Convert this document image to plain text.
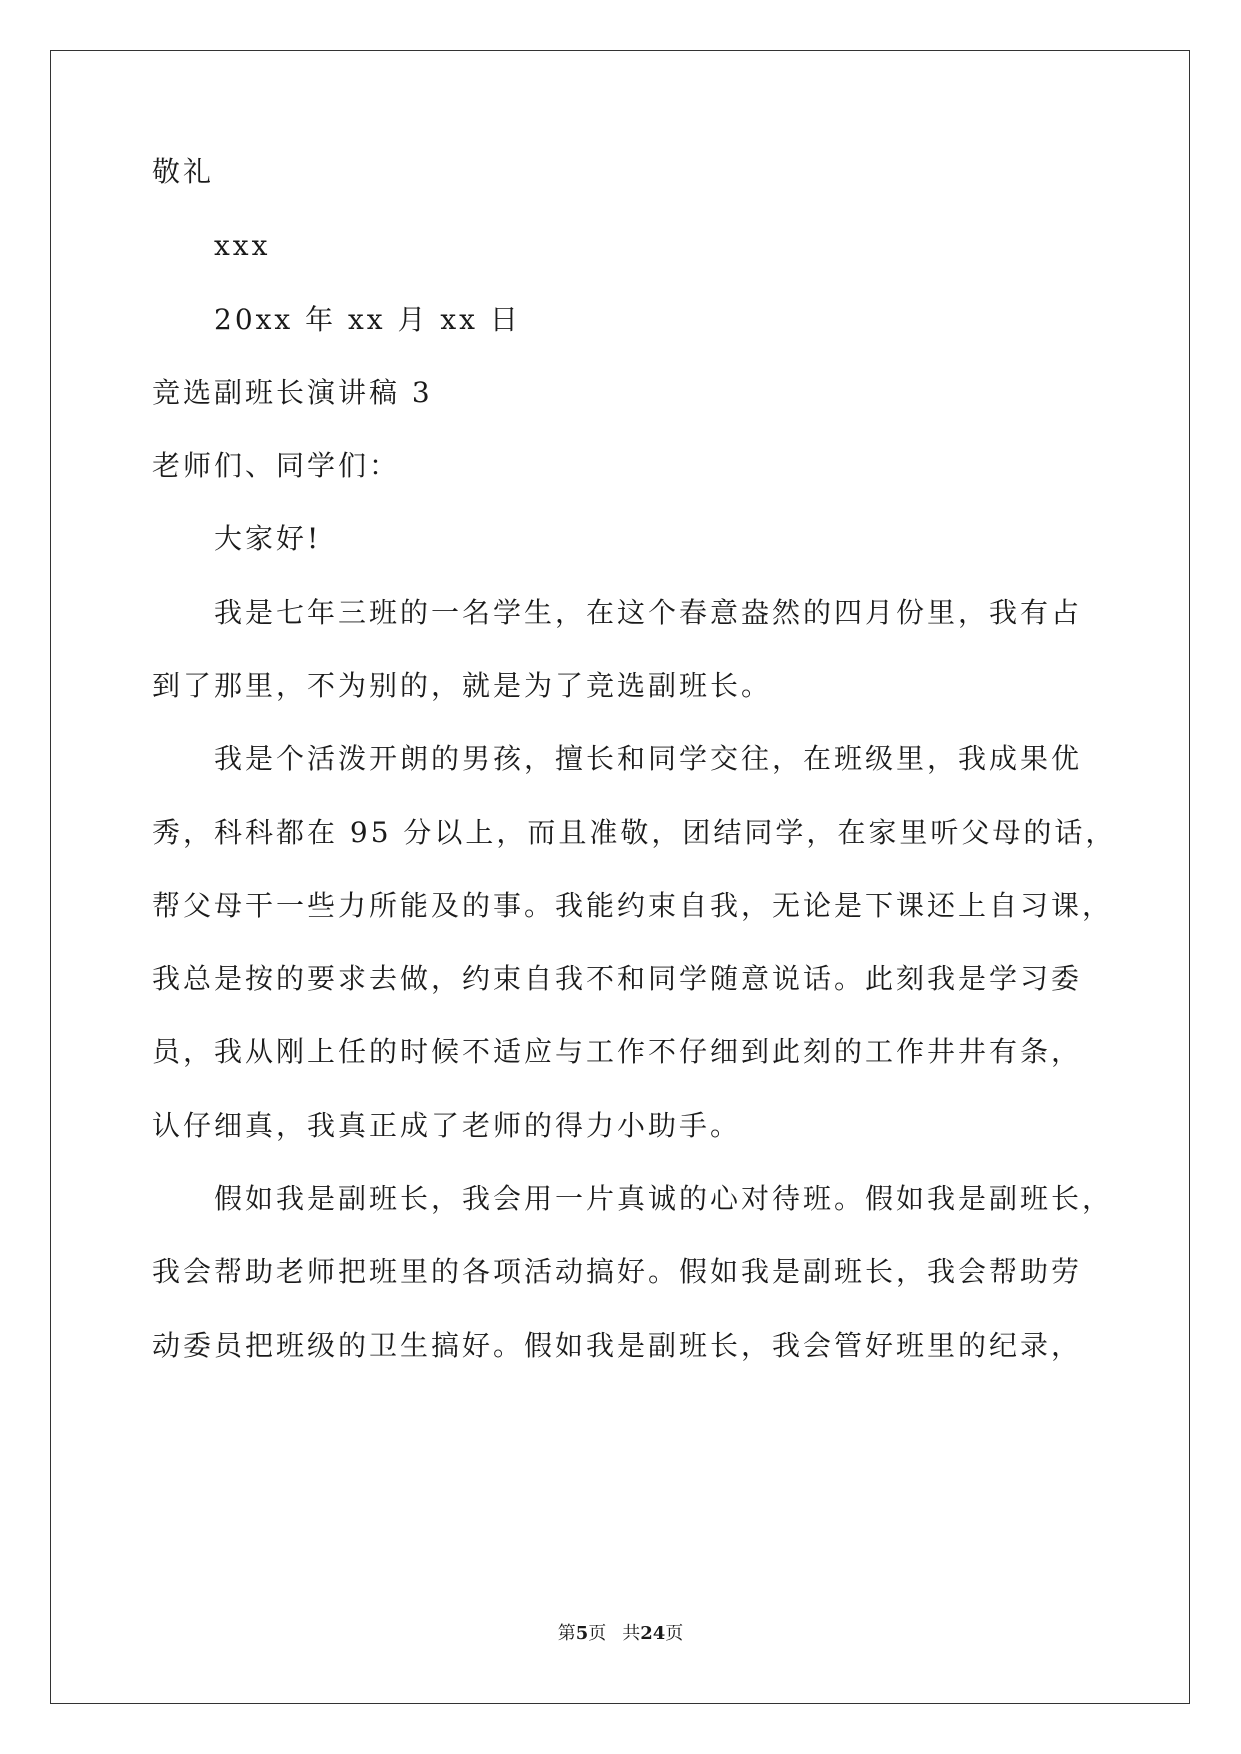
敬礼
xxx
20xx 年 xx 月 xx 日
竞选副班长演讲稿 3
老师们、同学们：
大家好!
我是七年三班的一名学生，在这个春意盎然的四月份里，我有占
到了那里，不为别的，就是为了竞选副班长。
我是个活泼开朗的男孩，擅长和同学交往，在班级里，我成果优
秀，科科都在 95 分以上，而且准敬，团结同学，在家里听父母的话，
帮父母干一些力所能及的事。我能约束自我，无论是下课还上自习课，
我总是按的要求去做，约束自我不和同学随意说话。此刻我是学习委
员，我从刚上任的时候不适应与工作不仔细到此刻的工作井井有条，
认仔细真，我真正成了老师的得力小助手。
假如我是副班长，我会用一片真诚的心对待班。假如我是副班长，
我会帮助老师把班里的各项活动搞好。假如我是副班长，我会帮助劳
动委员把班级的卫生搞好。假如我是副班长，我会管好班里的纪录，
第5页 共24页
